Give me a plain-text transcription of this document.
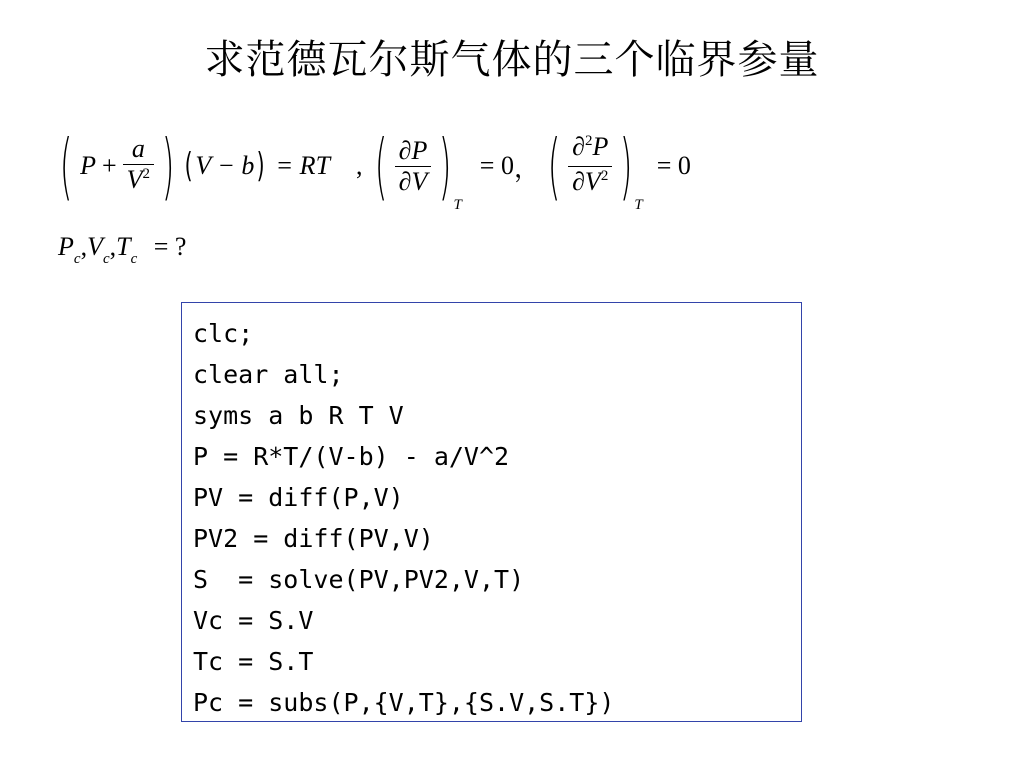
求范德瓦尔斯气体的三个临界参量
( $P + \frac{a}{V^2}$ ) ( V − b ) = RT , ( $\frac{\partial P}{\partial V}$ ) T
= 0 ， ( $\frac{\partial^2P}{\partial V^2}$ ) T
= 0
$P_c,V_c,T_c$ = ?
clc;
clear all;
syms a b R T V
P = R*T/(V-b) - a/V^2
PV = diff(P,V)
PV2 = diff(PV,V)
S  = solve(PV,PV2,V,T)
Vc = S.V
Tc = S.T
Pc = subs(P,{V,T},{S.V,S.T})
